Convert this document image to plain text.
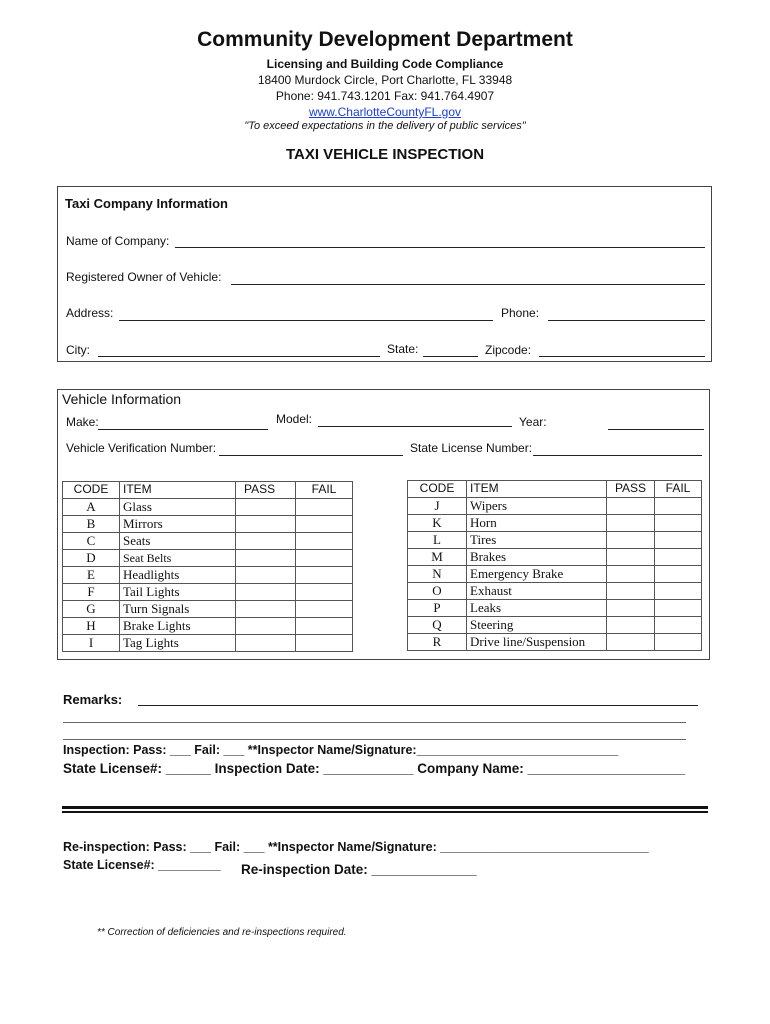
Community Development Department
Licensing and Building Code Compliance
18400 Murdock Circle, Port Charlotte, FL 33948
Phone: 941.743.1201 Fax: 941.764.4907
www.CharlotteCountyFL.gov
"To exceed expectations in the delivery of public services"
TAXI VEHICLE INSPECTION
Taxi Company Information
Name of Company:
Registered Owner of Vehicle:
Address:	Phone:
City:	State:	Zipcode:
Vehicle Information
Make:	Model:	Year:
Vehicle Verification Number:	State License Number:
CODE	ITEM	PASS	FAIL
A	Glass		
B	Mirrors		
C	Seats		
D	Seat Belts		
E	Headlights		
F	Tail Lights		
G	Turn Signals		
H	Brake Lights		
I	Tag Lights		
CODE	ITEM	PASS	FAIL
J	Wipers		
K	Horn		
L	Tires		
M	Brakes		
N	Emergency Brake		
O	Exhaust		
P	Leaks		
Q	Steering		
R	Drive line/Suspension		
Remarks:
Inspection: Pass: ___ Fail: ___ **Inspector Name/Signature:_____________________________
State License#: ______ Inspection Date: ____________ Company Name: _____________________
Re-inspection: Pass: ___ Fail: ___ **Inspector Name/Signature: ______________________________
State License#: _________ Re-inspection Date: ______________
** Correction of deficiencies and re-inspections required.
